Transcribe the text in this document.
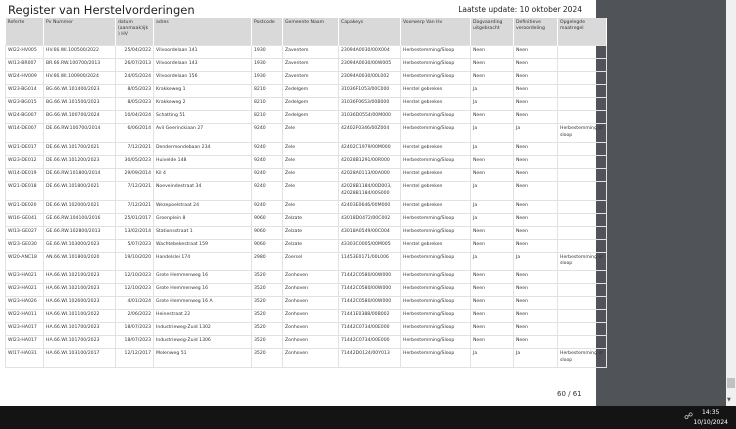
Register van Herstelvorderingen	Laatste update: 10 oktober 2024
Referte	Pv Nummer	datum (aanmaak)ijk ) HV	adres	Postcode	Gemeente Naam	Capakeys	Voorwerp Van Hv	Dagvaarding uitgebracht	Definitieve veroordeling	Opgelegde maatregel
WI22-HV005	HV.66.WI.100500/2022	25/04/2022	Vilvoordelaan 141	1930	Zaventem	23094A0030/00X004	Herbestemming/Sloop	Neen	Neen	
WI13-BR007	BR.66.RW.100700/2013	26/07/2013	Vilvoordelaan 143	1930	Zaventem	23094A0030/00W005	Herbestemming/Sloop	Neen	Neen	
WI24-HV009	HV.66.WI.100900/2024	24/05/2024	Vilvoordelaan 156	1930	Zaventem	23094A0030/00L002	Herbestemming/Sloop	Neen	Neen	
WI23-BG014	BG.66.WI.101400/2023	8/05/2023	Krakkeweg 1	8210	Zedelgem	31036F1053/00C000	Herstel gebreken	Ja	Neen	
WI23-BG015	BG.66.WI.101500/2023	8/05/2023	Krakkeweg 2	8210	Zedelgem	31036F0653/00B000	Herstel gebreken	Ja	Neen	
WI24-BG007	BG.66.WI.100700/2024	10/04/2024	Schatting 51	8210	Zedelgem	31036D0554/00M000	Herbestemming/Sloop	Neen	Neen	
WI14-DE007	DE.66.RW.100700/2014	6/06/2014	Avil Geerinckiaan 27	9240	Zele	42402F0346/00Z004	Herbestemming/Sloop	Ja	Ja	Herbestemming of sloop
WI21-DE017	DE.66.WI.101700/2021	7/12/2021	Dendermondebaan 234	9240	Zele	42402C1979/00M000	Herstel gebreken	Ja	Neen	
WI23-DE012	DE.66.WI.101200/2023	30/05/2023	Huivelde 148	9240	Zele	42028B1291/00R000	Herbestemming/Sloop	Neen	Neen	
WI14-DE019	DE.66.RW.101800/2014	29/09/2014	Kil 4	9240	Zele	42028A0113/00A000	Herstel gebreken	Neen	Neen	
WI21-DE018	DE.66.WI.101800/2021	7/12/2021	Noeveindestraat 34	9240	Zele	42028B1184/00D003, 42028B1184/00S000	Herstel gebreken	Ja	Neen	
WI21-DE020	DE.66.WI.102000/2021	7/12/2021	Wezepoelstraat 24	9240	Zele	42403E0646/00M000	Herstel gebreken	Ja	Neen	
WI16-GE041	GE.66.RW.104100/2016	25/01/2017	Groenplein 8	9060	Zelzate	43018D0472/00C002	Herbestemming/Sloop	Ja	Neen	
WI13-GE027	GE.66.RW.102800/2013	13/02/2014	Stationsstraat 1	9060	Zelzate	43018A0549/00C004	Herbestemming/Sloop	Neen	Neen	
WI23-GE030	GE.66.WI.103000/2023	5/07/2023	Wachtebekestraat 159	9060	Zelzate	43303C0005/00M005	Herstel gebreken	Neen	Neen	
WI20-ANC18	AN.66.WI.101800/2020	19/10/2020	Handelslei 174	2980	Zoersel	11453E0171/00L006	Herbestemming/Sloop	Ja	Ja	Herbestemming of sloop
WI23-HA021	HA.66.WI.102100/2023	12/10/2023	Grote Hemmenweg 16	3520	Zonhoven	71442C0580/00W000	Herbestemming/Sloop	Neen	Neen	
WI23-HA021	HA.66.WI.102100/2023	12/10/2023	Grote Hemmenweg 16	3520	Zonhoven	71442C0580/00W000	Herbestemming/Sloop	Neen	Neen	
WI23-HA026	HA.66.WI.102600/2023	4/01/2024	Grote Hemmenweg 16 A	3520	Zonhoven	71442C0580/00W000	Herbestemming/Sloop	Neen	Neen	
WI22-HA011	HA.66.WI.101100/2022	2/06/2022	Heinestraat 22	3520	Zonhoven	71441E0388/00B002	Herbestemming/Sloop	Neen	Neen	
WI23-HA017	HA.66.WI.101700/2023	18/07/2023	Industrieweg-Zuid 1302	3520	Zonhoven	71442C0734/00E000	Herbestemming/Sloop	Neen	Neen	
WI23-HA017	HA.66.WI.101700/2023	18/07/2023	Industrieweg-Zuid 1306	3520	Zonhoven	71442C0734/00E000	Herbestemming/Sloop	Neen	Neen	
WI17-HA031	HA.66.WI.103100/2017	12/12/2017	Molenweg 51	3520	Zonhoven	71442D0124/00Y013	Herbestemming/Sloop	Ja	Ja	Herbestemming of sloop
60 / 61
▼
☍	14:35
10/10/2024
